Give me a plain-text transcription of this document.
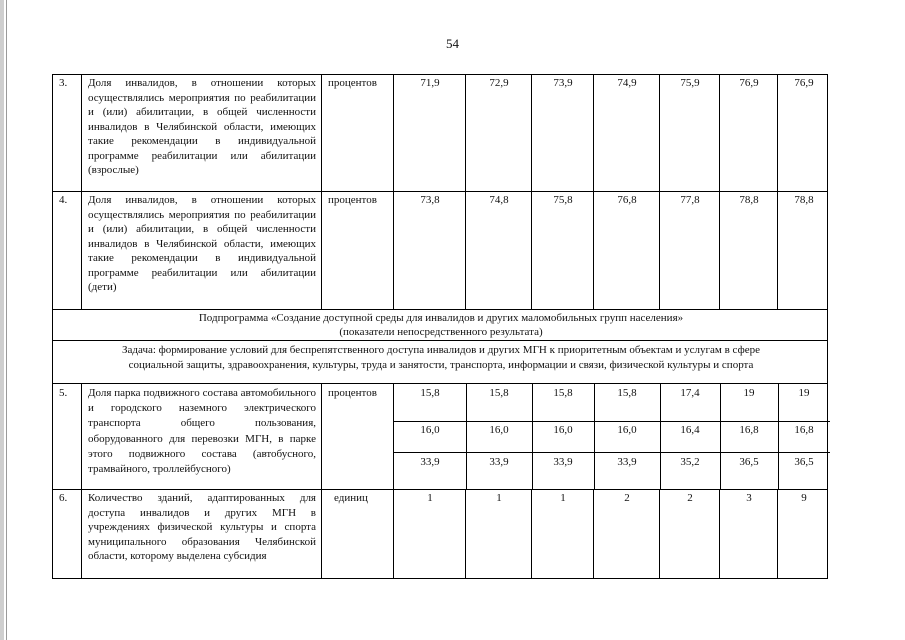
54
3. Доля инвалидов, в отношении которых осуществлялись мероприятия по реабилитации и (или) абилитации, в общей численности инвалидов в Челябинской области, имеющих такие рекомендации в индивидуальной программе реабилитации или абилитации (взрослые)
процентов	71,9	72,9	73,9	74,9	75,9	76,9	76,9
4. Доля инвалидов, в отношении которых осуществлялись мероприятия по реабилитации и (или) абилитации, в общей численности инвалидов в Челябинской области, имеющих такие рекомендации в индивидуальной программе реабилитации или абилитации (дети)
процентов	73,8	74,8	75,8	76,8	77,8	78,8	78,8
Подпрограмма «Создание доступной среды для инвалидов и других маломобильных групп населения»
(показатели непосредственного результата)
Задача: формирование условий для беспрепятственного доступа инвалидов и других МГН к приоритетным объектам и услугам в сфере
социальной защиты, здравоохранения, культуры, труда и занятости, транспорта, информации и связи, физической культуры и спорта
5. Доля парка подвижного состава автомобильного и городского наземного электрического транспорта общего пользования, оборудованного для перевозки МГН, в парке этого подвижного состава (автобусного, трамвайного, троллейбусного)
процентов	15,8	15,8	15,8	15,8	17,4	19	19
16,0	16,0	16,0	16,0	16,4	16,8	16,8
33,9	33,9	33,9	33,9	35,2	36,5	36,5
6. Количество зданий, адаптированных для доступа инвалидов и других МГН в учреждениях физической культуры и спорта муниципального образования Челябинской области, которому выделена субсидия
единиц	1	1	1	2	2	3	9
